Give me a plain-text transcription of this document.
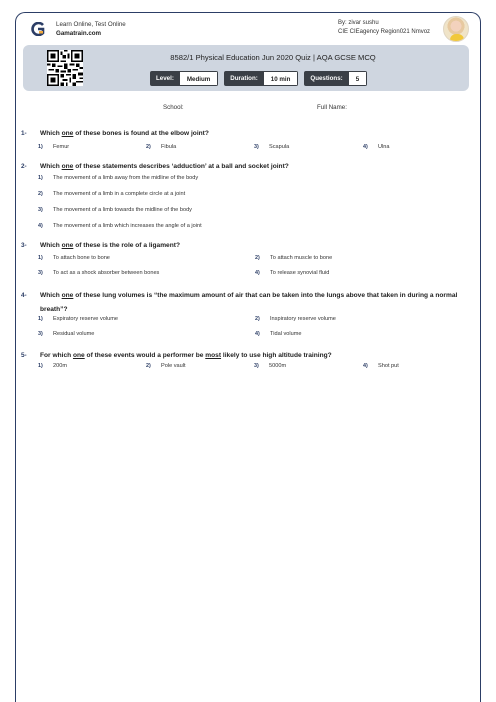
Learn Online, Test Online
Gamatrain.com
By: zivar sushu
CIE CIEagency Region021 Nmvoz
8582/1 Physical Education Jun 2020 Quiz | AQA GCSE MCQ
Level:	Medium	Duration:	10 min	Questions:	5
School:	Full Name:
1- Which one of these bones is found at the elbow joint?
1) Femur	2) Fibula	3) Scapula	4) Ulna
2- Which one of these statements describes ‘adduction’ at a ball and socket joint?
1) The movement of a limb away from the midline of the body
2) The movement of a limb in a complete circle at a joint
3) The movement of a limb towards the midline of the body
4) The movement of a limb which increases the angle of a joint
3- Which one of these is the role of a ligament?
1) To attach bone to bone	2) To attach muscle to bone
3) To act as a shock absorber between bones	4) To release synovial fluid
4- Which one of these lung volumes is “the maximum amount of air that can be taken into the lungs above that taken in during a normal breath”?
1) Expiratory reserve volume	2) Inspiratory reserve volume
3) Residual volume	4) Tidal volume
5- For which one of these events would a performer be most likely to use high altitude training?
1) 200m	2) Pole vault	3) 5000m	4) Shot put
